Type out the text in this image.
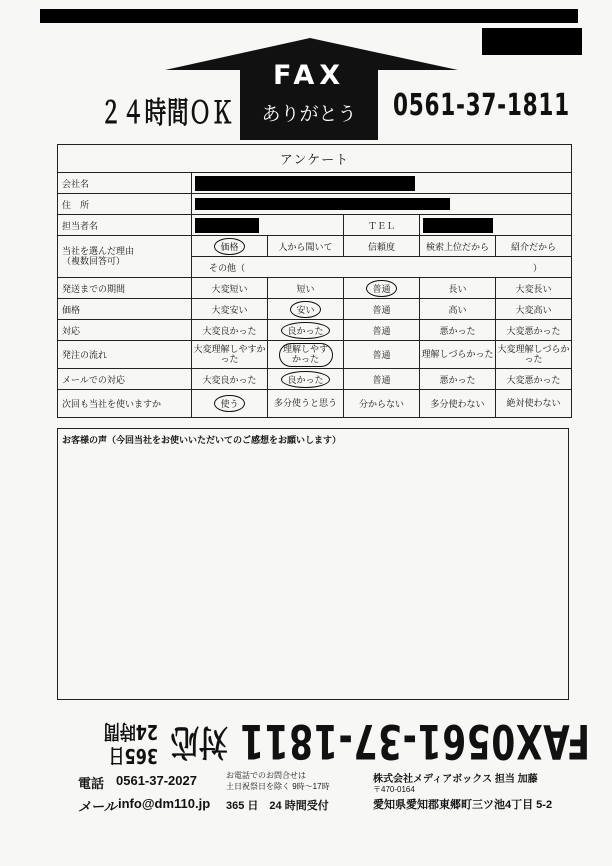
FAX
ありがとう
２４時間ＯＫ	0561-37-1811
アンケート					
会社名					
住　所					
担当者名			ＴＥＬ		
当社を選んだ理由
（複数回答可）	価格	人から聞いて	信頼度	検索上位だから	紹介だから
	その他（ ）				

発送までの期間	大変短い	短い	普通	長い	大変長い
価格	大変安い	安い	普通	高い	大変高い
対応	大変良かった	良かった	普通	悪かった	大変悪かった
発注の流れ	大変理解しやすかった	理解しやすかった	普通	理解しづらかった	大変理解しづらかった
メールでの対応	大変良かった	良かった	普通	悪かった	大変悪かった
次回も当社を使いますか	使う	多分使うと思う	分からない	多分使わない	絶対使わない
お客様の声（今回当社をお使いいただいてのご感想をお願いします）
FAX0561-37-1811
対応
365日
24時間
電話 0561-37-2027
メール info@dm110.jp
お電話でのお問合せは
土日祝祭日を除く 9時～17時
365 日　24 時間受付
株式会社メディアボックス 担当 加藤
〒470-0164
愛知県愛知郡東郷町三ツ池4丁目 5-2
